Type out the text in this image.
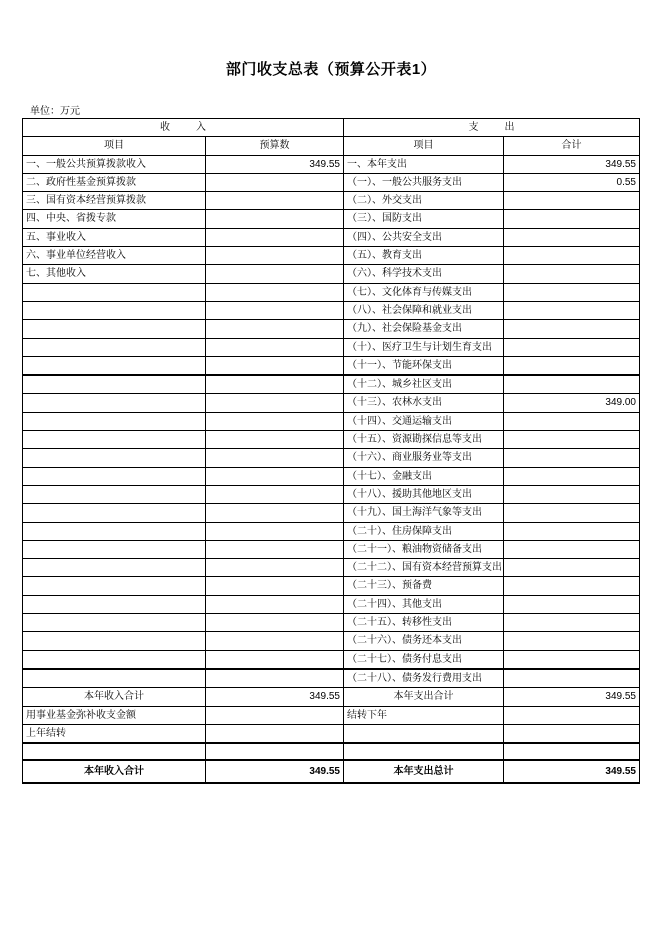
部门收支总表（预算公开表1）
单位：万元
收　入		支　出	
项目	预算数	项目	合计
一、一般公共预算拨款收入	349.55	一、本年支出	349.55
二、政府性基金预算拨款		（一）、一般公共服务支出	0.55
三、国有资本经营预算拨款		（二）、外交支出	
四、中央、省拨专款		（三）、国防支出	
五、事业收入		（四）、公共安全支出	
六、事业单位经营收入		（五）、教育支出	
七、其他收入		（六）、科学技术支出	
		（七）、文化体育与传媒支出	
		（八）、社会保障和就业支出	
		（九）、社会保险基金支出	
		（十）、医疗卫生与计划生育支出	
		（十一）、节能环保支出	
		（十二）、城乡社区支出	
		（十三）、农林水支出	349.00
		（十四）、交通运输支出	
		（十五）、资源勘探信息等支出	
		（十六）、商业服务业等支出	
		（十七）、金融支出	
		（十八）、援助其他地区支出	
		（十九）、国土海洋气象等支出	
		（二十）、住房保障支出	
		（二十一）、粮油物资储备支出	
		（二十二）、国有资本经营预算支出	
		（二十三）、预备费	
		（二十四）、其他支出	
		（二十五）、转移性支出	
		（二十六）、债务还本支出	
		（二十七）、债务付息支出	
		（二十八）、债务发行费用支出	
本年收入合计	349.55	本年支出合计	349.55
用事业基金弥补收支金额		结转下年	
上年结转			

本年收入合计	349.55	本年支出总计	349.55
